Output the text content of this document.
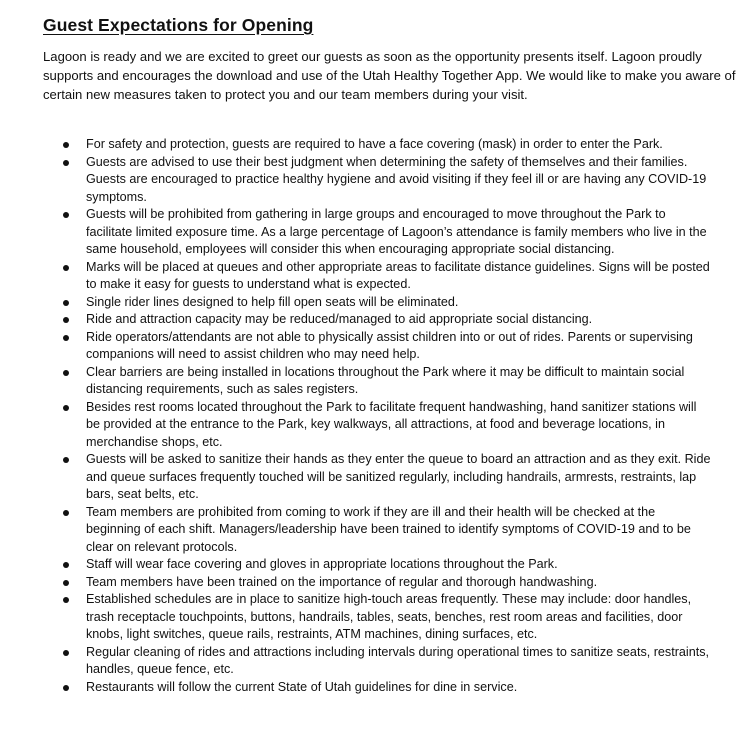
Guest Expectations for Opening
Lagoon is ready and we are excited to greet our guests as soon as the opportunity presents itself. Lagoon proudly
supports and encourages the download and use of the Utah Healthy Together App. We would like to make you aware of
certain new measures taken to protect you and our team members during your visit.
For safety and protection, guests are required to have a face covering (mask) in order to enter the Park.
Guests are advised to use their best judgment when determining the safety of themselves and their families.
Guests are encouraged to practice healthy hygiene and avoid visiting if they feel ill or are having any COVID-19
symptoms.
Guests will be prohibited from gathering in large groups and encouraged to move throughout the Park to
facilitate limited exposure time. As a large percentage of Lagoon’s attendance is family members who live in the
same household, employees will consider this when encouraging appropriate social distancing.
Marks will be placed at queues and other appropriate areas to facilitate distance guidelines. Signs will be posted
to make it easy for guests to understand what is expected.
Single rider lines designed to help fill open seats will be eliminated.
Ride and attraction capacity may be reduced/managed to aid appropriate social distancing.
Ride operators/attendants are not able to physically assist children into or out of rides. Parents or supervising
companions will need to assist children who may need help.
Clear barriers are being installed in locations throughout the Park where it may be difficult to maintain social
distancing requirements, such as sales registers.
Besides rest rooms located throughout the Park to facilitate frequent handwashing, hand sanitizer stations will
be provided at the entrance to the Park, key walkways, all attractions, at food and beverage locations, in
merchandise shops, etc.
Guests will be asked to sanitize their hands as they enter the queue to board an attraction and as they exit. Ride
and queue surfaces frequently touched will be sanitized regularly, including handrails, armrests, restraints, lap
bars, seat belts, etc.
Team members are prohibited from coming to work if they are ill and their health will be checked at the
beginning of each shift. Managers/leadership have been trained to identify symptoms of COVID-19 and to be
clear on relevant protocols.
Staff will wear face covering and gloves in appropriate locations throughout the Park.
Team members have been trained on the importance of regular and thorough handwashing.
Established schedules are in place to sanitize high-touch areas frequently. These may include: door handles,
trash receptacle touchpoints, buttons, handrails, tables, seats, benches, rest room areas and facilities, door
knobs, light switches, queue rails, restraints, ATM machines, dining surfaces, etc.
Regular cleaning of rides and attractions including intervals during operational times to sanitize seats, restraints,
handles, queue fence, etc.
Restaurants will follow the current State of Utah guidelines for dine in service.
